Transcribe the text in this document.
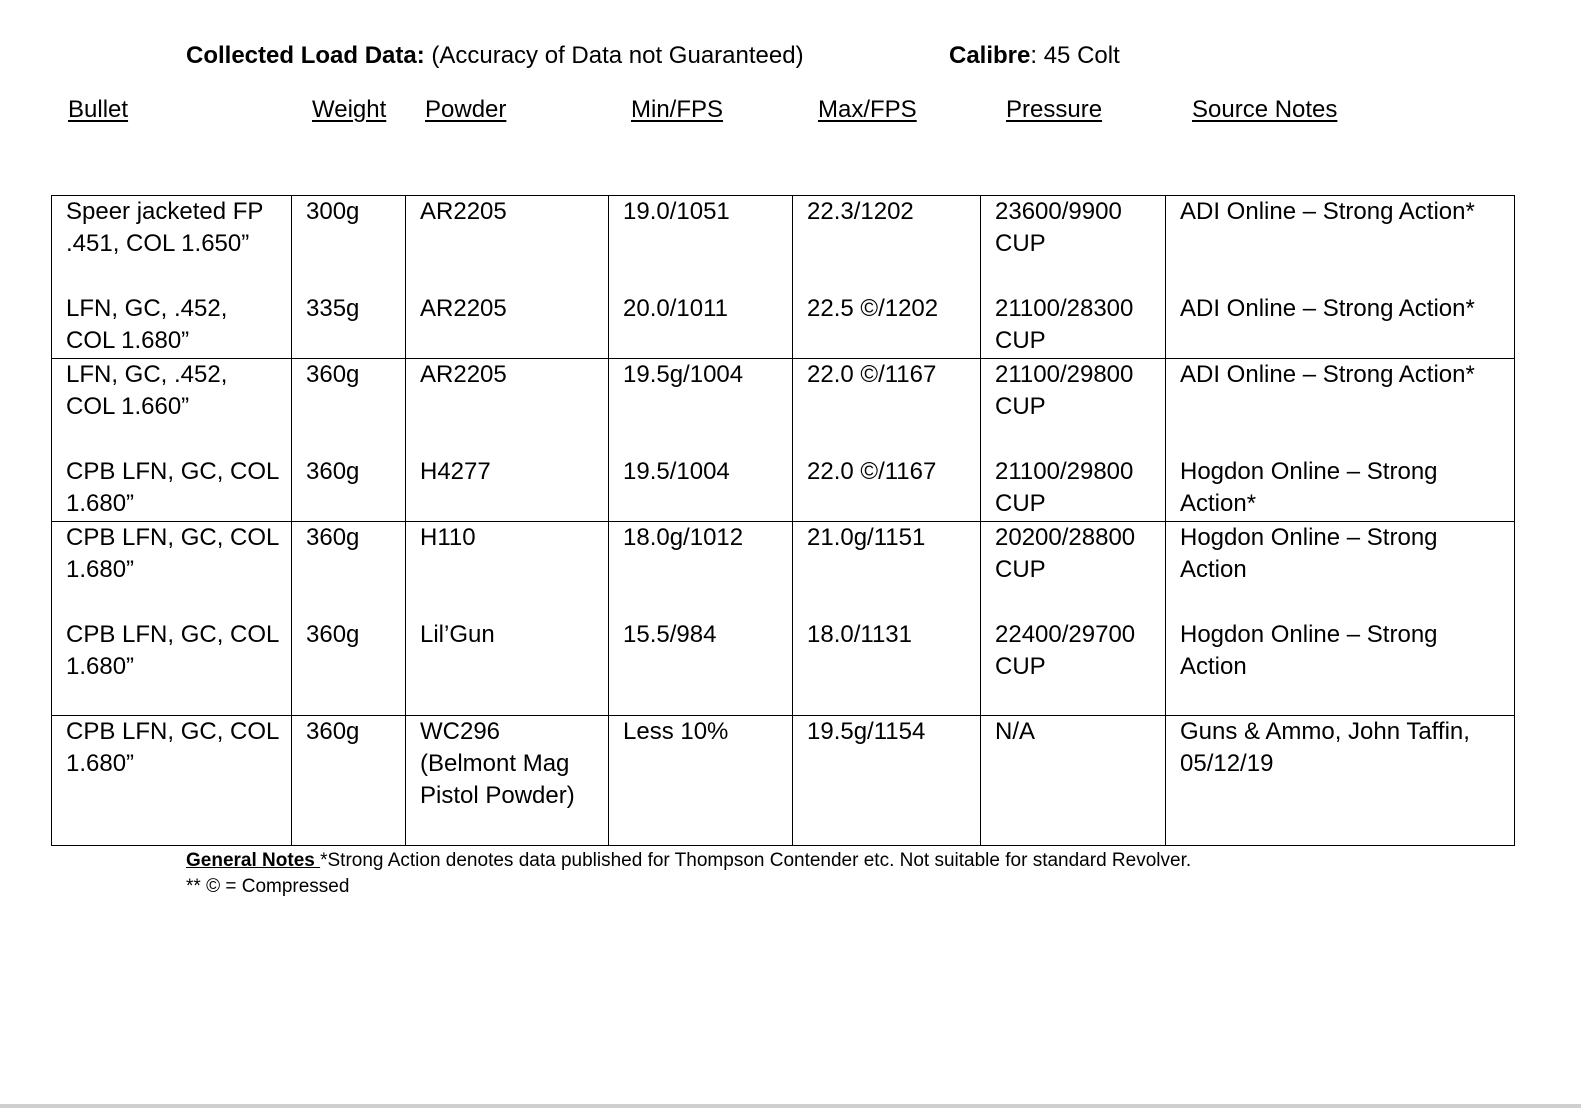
Collected Load Data: (Accuracy of Data not Guaranteed)	Calibre: 45 Colt
Bullet	Weight Powder	Min/FPS	Max/FPS	Pressure	Source Notes
Speer jacketed FP .451, COL 1.650”	300g	AR2205	19.0/1051	22.3/1202	23600/9900 CUP	ADI Online – Strong Action*
LFN, GC, .452, COL 1.680”	335g	AR2205	20.0/1011	22.5 ©/1202	21100/28300 CUP	ADI Online – Strong Action*
LFN, GC, .452, COL 1.660”	360g	AR2205	19.5g/1004	22.0 ©/1167	21100/29800 CUP	ADI Online – Strong Action*
CPB LFN, GC, COL 1.680”	360g	H4277	19.5/1004	22.0 ©/1167	21100/29800 CUP	Hogdon Online – Strong Action*
CPB LFN, GC, COL 1.680”	360g	H110	18.0g/1012	21.0g/1151	20200/28800 CUP	Hogdon Online – Strong Action
CPB LFN, GC, COL 1.680”	360g	Lil’Gun	15.5/984	18.0/1131	22400/29700 CUP	Hogdon Online – Strong Action
CPB LFN, GC, COL 1.680”	360g	WC296 (Belmont Mag Pistol Powder)	Less 10%	19.5g/1154	N/A	Guns & Ammo, John Taffin, 05/12/19
General Notes *Strong Action denotes data published for Thompson Contender etc. Not suitable for standard Revolver.
** © = Compressed
